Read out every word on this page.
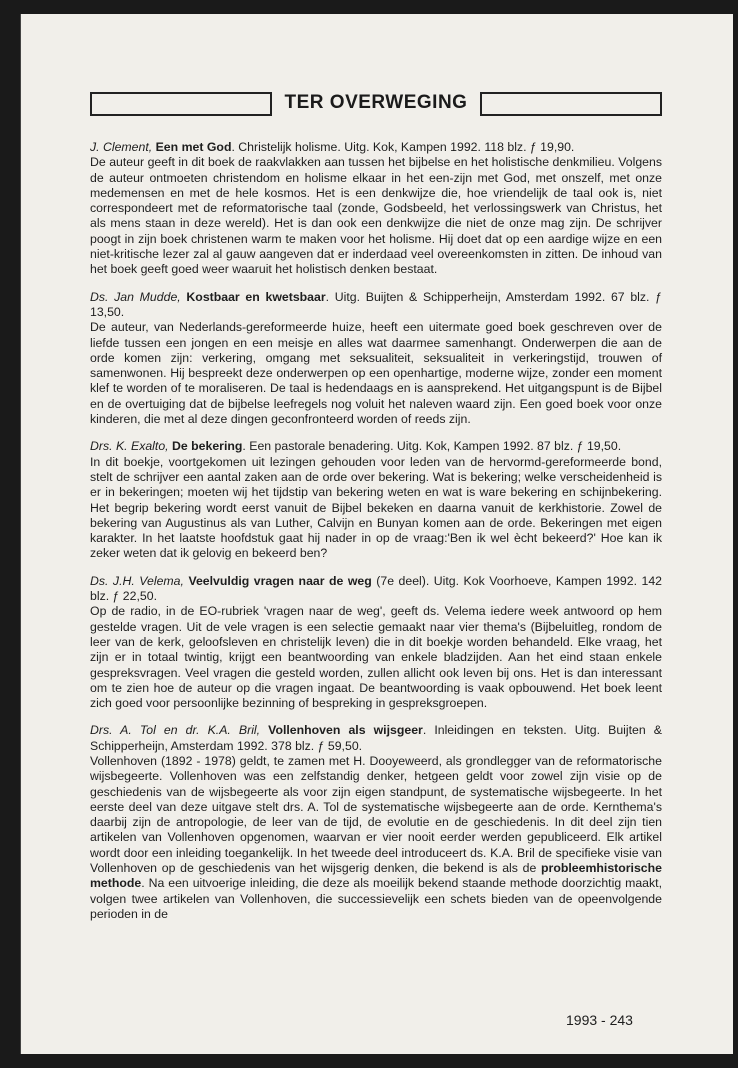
TER OVERWEGING

J. Clement, Een met God. Christelijk holisme. Uitg. Kok, Kampen 1992. 118 blz. ƒ 19,90.
De auteur geeft in dit boek de raakvlakken aan tussen het bijbelse en het holistische denkmilieu. Volgens de auteur ontmoeten christendom en holisme elkaar in het een-zijn met God, met onszelf, met onze medemensen en met de hele kosmos. Het is een denkwijze die, hoe vriendelijk de taal ook is, niet correspondeert met de reformatorische taal (zonde, Godsbeeld, het verlossingswerk van Christus, het als mens staan in deze wereld). Het is dan ook een denkwijze die niet de onze mag zijn. De schrijver poogt in zijn boek christenen warm te maken voor het holisme. Hij doet dat op een aardige wijze en een niet-kritische lezer zal al gauw aangeven dat er inderdaad veel overeenkomsten in zitten. De inhoud van het boek geeft goed weer waaruit het holistisch denken bestaat.

Ds. Jan Mudde, Kostbaar en kwetsbaar. Uitg. Buijten & Schipperheijn, Amsterdam 1992. 67 blz. ƒ 13,50.
De auteur, van Nederlands-gereformeerde huize, heeft een uitermate goed boek geschreven over de liefde tussen een jongen en een meisje en alles wat daarmee samenhangt. Onderwerpen die aan de orde komen zijn: verkering, omgang met seksualiteit, seksualiteit in verkeringstijd, trouwen of samenwonen. Hij bespreekt deze onderwerpen op een openhartige, moderne wijze, zonder een moment klef te worden of te moraliseren. De taal is hedendaags en is aansprekend. Het uitgangspunt is de Bijbel en de overtuiging dat de bijbelse leefregels nog voluit het naleven waard zijn. Een goed boek voor onze kinderen, die met al deze dingen geconfronteerd worden of reeds zijn.

Drs. K. Exalto, De bekering. Een pastorale benadering. Uitg. Kok, Kampen 1992. 87 blz. ƒ 19,50.
In dit boekje, voortgekomen uit lezingen gehouden voor leden van de hervormd-gereformeerde bond, stelt de schrijver een aantal zaken aan de orde over bekering. Wat is bekering; welke verscheidenheid is er in bekeringen; moeten wij het tijdstip van bekering weten en wat is ware bekering en schijnbekering. Het begrip bekering wordt eerst vanuit de Bijbel bekeken en daarna vanuit de kerkhistorie. Zowel de bekering van Augustinus als van Luther, Calvijn en Bunyan komen aan de orde. Bekeringen met eigen karakter. In het laatste hoofdstuk gaat hij nader in op de vraag:'Ben ik wel ècht bekeerd?' Hoe kan ik zeker weten dat ik gelovig en bekeerd ben?

Ds. J.H. Velema, Veelvuldig vragen naar de weg (7e deel). Uitg. Kok Voorhoeve, Kampen 1992. 142 blz. ƒ 22,50.
Op de radio, in de EO-rubriek 'vragen naar de weg', geeft ds. Velema iedere week antwoord op hem gestelde vragen. Uit de vele vragen is een selectie gemaakt naar vier thema's (Bijbeluitleg, rondom de leer van de kerk, geloofsleven en christelijk leven) die in dit boekje worden behandeld. Elke vraag, het zijn er in totaal twintig, krijgt een beantwoording van enkele bladzijden. Aan het eind staan enkele gespreksvragen. Veel vragen die gesteld worden, zullen allicht ook leven bij ons. Het is dan interessant om te zien hoe de auteur op die vragen ingaat. De beantwoording is vaak opbouwend. Het boek leent zich goed voor persoonlijke bezinning of bespreking in gespreksgroepen.

Drs. A. Tol en dr. K.A. Bril, Vollenhoven als wijsgeer. Inleidingen en teksten. Uitg. Buijten & Schipperheijn, Amsterdam 1992. 378 blz. ƒ 59,50.
Vollenhoven (1892 - 1978) geldt, te zamen met H. Dooyeweerd, als grondlegger van de reformatorische wijsbegeerte. Vollenhoven was een zelfstandig denker, hetgeen geldt voor zowel zijn visie op de geschiedenis van de wijsbegeerte als voor zijn eigen standpunt, de systematische wijsbegeerte. In het eerste deel van deze uitgave stelt drs. A. Tol de systematische wijsbegeerte aan de orde. Kernthema's daarbij zijn de antropologie, de leer van de tijd, de evolutie en de geschiedenis. In dit deel zijn tien artikelen van Vollenhoven opgenomen, waarvan er vier nooit eerder werden gepubliceerd. Elk artikel wordt door een inleiding toegankelijk. In het tweede deel introduceert ds. K.A. Bril de specifieke visie van Vollenhoven op de geschiedenis van het wijsgerig denken, die bekend is als de probleemhistorische methode. Na een uitvoerige inleiding, die deze als moeilijk bekend staande methode doorzichtig maakt, volgen twee artikelen van Vollenhoven, die successievelijk een schets bieden van de opeenvolgende perioden in de

1993 - 243
